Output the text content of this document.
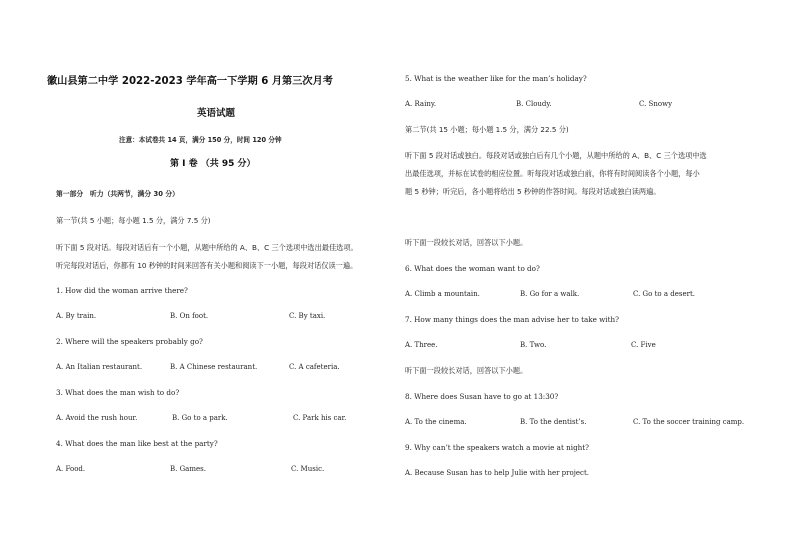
徽山县第二中学 2022-2023 学年高一下学期 6 月第三次月考
英语试题
注意：本试卷共 14 页，满分 150 分，时间 120 分钟
第 I 卷 （共 95 分）
第一部分　听力（共两节，满分 30 分）
第一节(共 5 小题；每小题 1.5 分，满分 7.5 分)
听下面 5 段对话。每段对话后有一个小题，从题中所给的 A、B、C 三个选项中选出最佳选项。
听完每段对话后，你都有 10 秒钟的时间来回答有关小题和阅读下一小题，每段对话仅读一遍。
1. How did the woman arrive there?
A. By train.	B. On foot.	C. By taxi.
2. Where will the speakers probably go?
A. An Italian restaurant.	B. A Chinese restaurant.	C. A cafeteria.
3. What does the man wish to do?
A. Avoid the rush hour.	B. Go to a park.	C. Park his car.
4. What does the man like best at the party?
A. Food.	B. Games.	C. Music.
5. What is the weather like for the man’s holiday?
A. Rainy.	B. Cloudy.	C. Snowy
第二节(共 15 小题；每小题 1.5 分，满分 22.5 分)
听下面 5 段对话或独白。每段对话或独白后有几个小题，从题中所给的 A、B、C 三个选项中选
出最佳选项，并标在试卷的相应位置。听每段对话或独白前，你将有时间阅读各个小题，每小
题 5 秒钟；听完后，各小题将给出 5 秒钟的作答时间。每段对话或独白读两遍。
听下面一段较长对话，回答以下小题。
6. What does the woman want to do?
A. Climb a mountain.	B. Go for a walk.	C. Go to a desert.
7. How many things does the man advise her to take with?
A. Three.	B. Two.	C. Five
听下面一段较长对话，回答以下小题。
8. Where does Susan have to go at 13:30?
A. To the cinema.	B. To the dentist’s.	C. To the soccer training camp.
9. Why can’t the speakers watch a movie at night?
A. Because Susan has to help Julie with her project.
